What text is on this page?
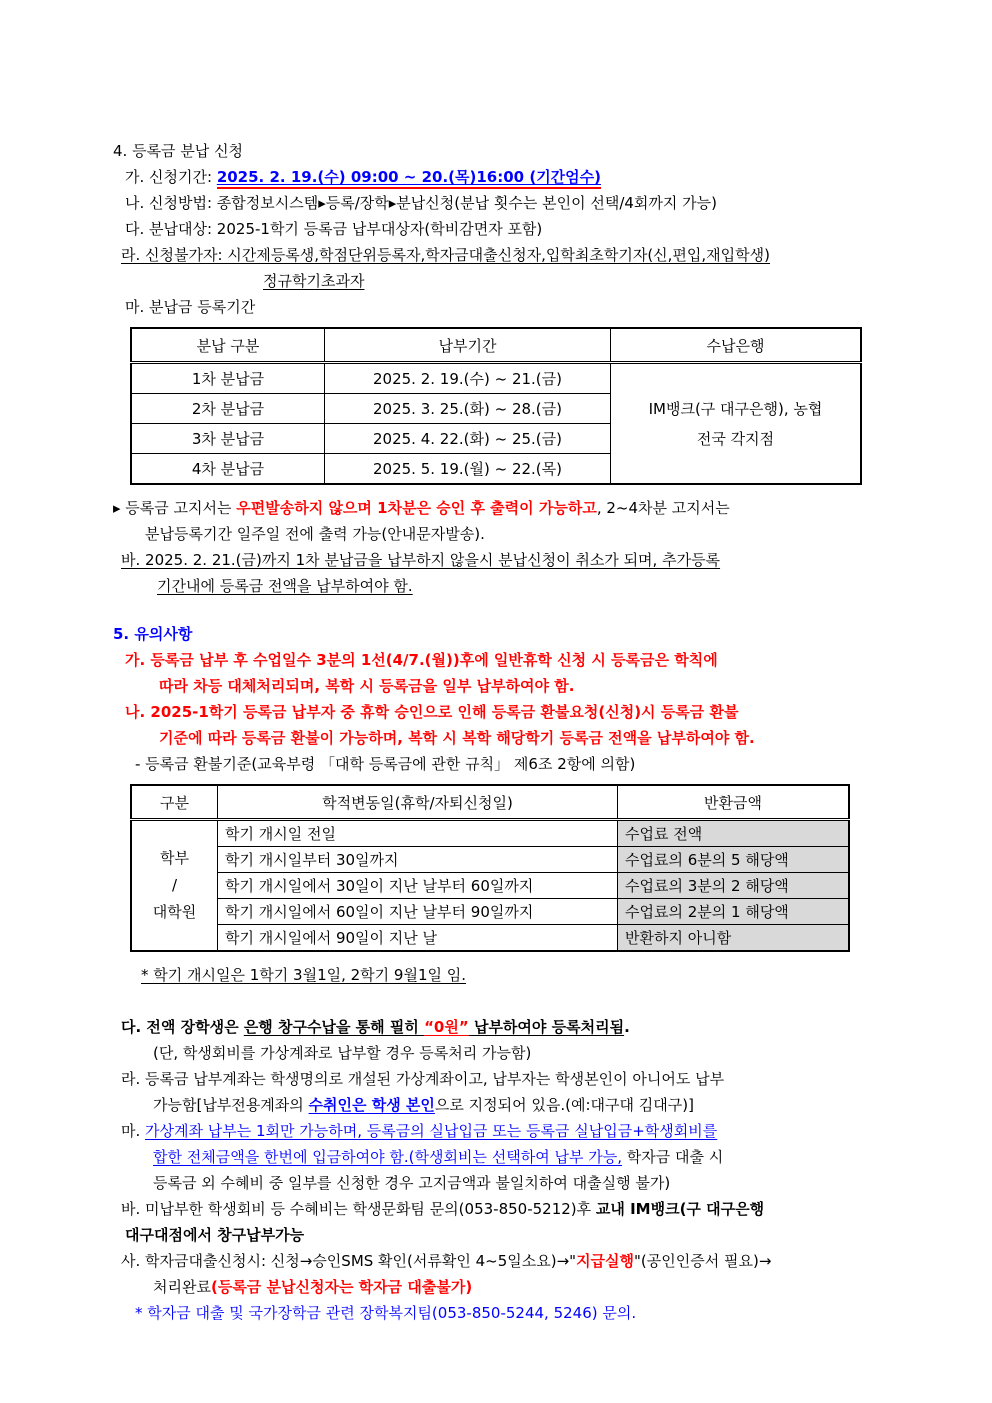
4. 등록금 분납 신청
가. 신청기간: 2025. 2. 19.(수) 09:00 ~ 20.(목)16:00 (기간엄수)
나. 신청방법: 종합정보시스템▸등록/장학▸분납신청(분납 횟수는 본인이 선택/4회까지 가능)
다. 분납대상: 2025-1학기 등록금 납부대상자(학비감면자 포함)
라. 신청불가자: 시간제등록생,학점단위등록자,학자금대출신청자,입학최초학기자(신,편입,재입학생)
정규학기초과자
마. 분납금 등록기간
분납 구분	납부기간	수납은행
1차 분납금	2025. 2. 19.(수) ~ 21.(금)	IM뱅크(구 대구은행), 농협
전국 각지점

2차 분납금	2025. 3. 25.(화) ~ 28.(금)	
3차 분납금	2025. 4. 22.(화) ~ 25.(금)	
4차 분납금	2025. 5. 19.(월) ~ 22.(목)	
▸ 등록금 고지서는 우편발송하지 않으며 1차분은 승인 후 출력이 가능하고, 2~4차분 고지서는
분납등록기간 일주일 전에 출력 가능(안내문자발송).
바. 2025. 2. 21.(금)까지 1차 분납금을 납부하지 않을시 분납신청이 취소가 되며, 추가등록
기간내에 등록금 전액을 납부하여야 함.
5. 유의사항
가. 등록금 납부 후 수업일수 3분의 1선(4/7.(월))후에 일반휴학 신청 시 등록금은 학칙에
따라 차등 대체처리되며, 복학 시 등록금을 일부 납부하여야 함.
나. 2025-1학기 등록금 납부자 중 휴학 승인으로 인해 등록금 환불요청(신청)시 등록금 환불
기준에 따라 등록금 환불이 가능하며, 복학 시 복학 해당학기 등록금 전액을 납부하여야 함.
- 등록금 환불기준(교육부령 「대학 등록금에 관한 규칙」 제6조 2항에 의함)
구분	학적변동일(휴학/자퇴신청일)	반환금액

학부
/
대학원	학기 개시일 전일	수업료 전액
	학기 개시일부터 30일까지	수업료의 6분의 5 해당액
	학기 개시일에서 30일이 지난 날부터 60일까지	수업료의 3분의 2 해당액
	학기 개시일에서 60일이 지난 날부터 90일까지	수업료의 2분의 1 해당액
	학기 개시일에서 90일이 지난 날	반환하지 아니함
* 학기 개시일은 1학기 3월1일, 2학기 9월1일 임.
다. 전액 장학생은 은행 창구수납을 통해 필히 “0원” 납부하여야 등록처리됨.
(단, 학생회비를 가상계좌로 납부할 경우 등록처리 가능함)
라. 등록금 납부계좌는 학생명의로 개설된 가상계좌이고, 납부자는 학생본인이 아니어도 납부
가능함[납부전용계좌의 수취인은 학생 본인으로 지정되어 있음.(예:대구대 김대구)]
마. 가상계좌 납부는 1회만 가능하며, 등록금의 실납입금 또는 등록금 실납입금+학생회비를
합한 전체금액을 한번에 입금하여야 함.(학생회비는 선택하여 납부 가능, 학자금 대출 시
등록금 외 수혜비 중 일부를 신청한 경우 고지금액과 불일치하여 대출실행 불가)
바. 미납부한 학생회비 등 수혜비는 학생문화팀 문의(053-850-5212)후 교내 IM뱅크(구 대구은행
대구대점에서 창구납부가능
사. 학자금대출신청시: 신청→승인SMS 확인(서류확인 4~5일소요)→"지급실행"(공인인증서 필요)→
처리완료(등록금 분납신청자는 학자금 대출불가)
* 학자금 대출 및 국가장학금 관련 장학복지팀(053-850-5244, 5246) 문의.
